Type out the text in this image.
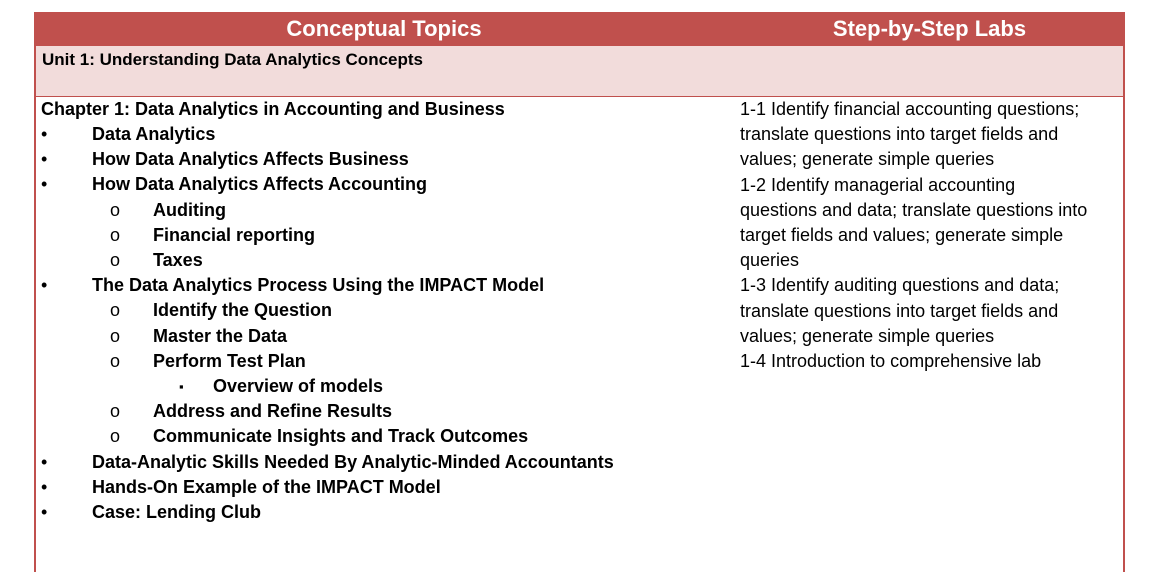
Conceptual Topics	Step-by-Step Labs
Unit 1: Understanding Data Analytics Concepts
Chapter 1: Data Analytics in Accounting and Business
• Data Analytics
• How Data Analytics Affects Business
• How Data Analytics Affects Accounting
o Auditing
o Financial reporting
o Taxes
• The Data Analytics Process Using the IMPACT Model
o Identify the Question
o Master the Data
o Perform Test Plan
▪ Overview of models
o Address and Refine Results
o Communicate Insights and Track Outcomes
• Data-Analytic Skills Needed By Analytic-Minded Accountants
• Hands-On Example of the IMPACT Model
• Case: Lending Club
1-1 Identify financial accounting questions;
translate questions into target fields and
values; generate simple queries
1-2 Identify managerial accounting
questions and data; translate questions into
target fields and values; generate simple
queries
1-3 Identify auditing questions and data;
translate questions into target fields and
values; generate simple queries
1-4 Introduction to comprehensive lab
